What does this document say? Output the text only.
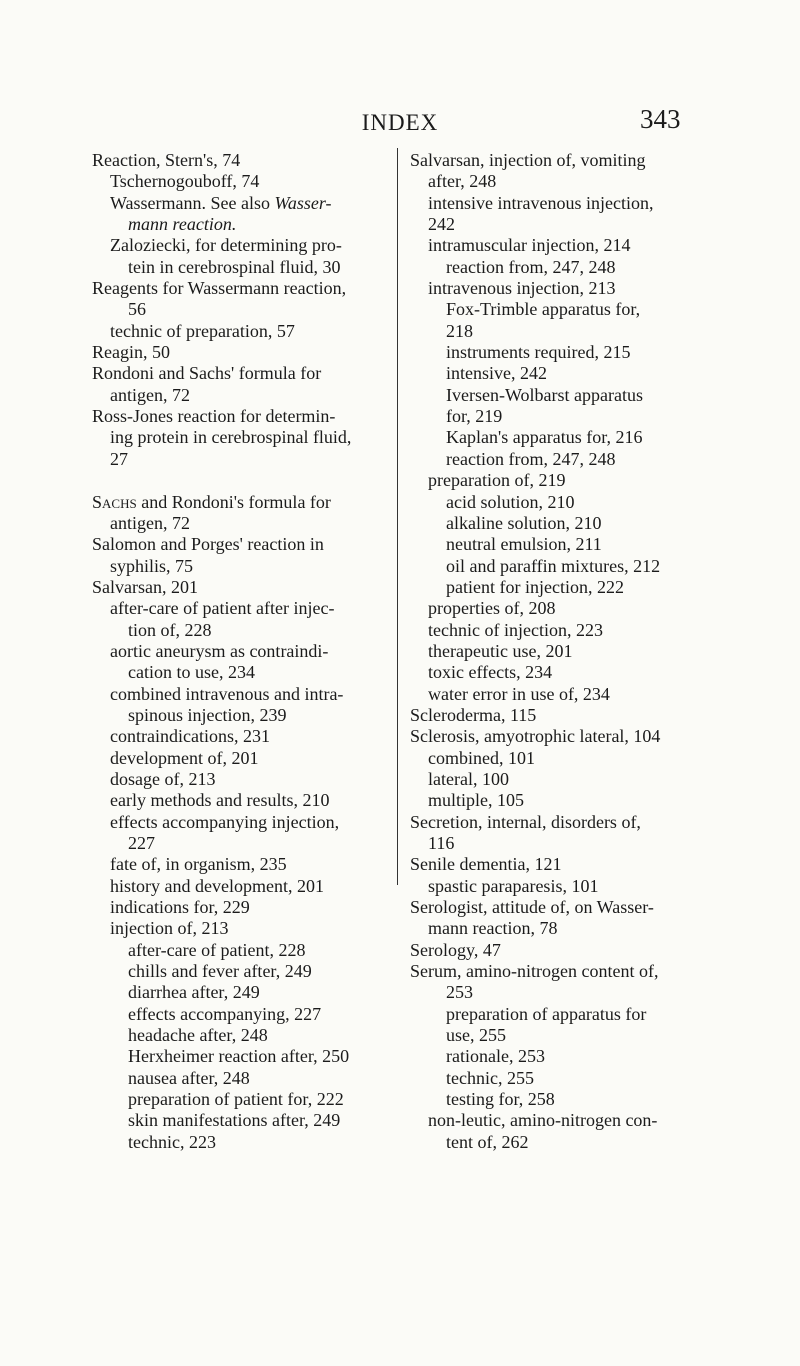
INDEX	343
Reaction, Stern's, 74
Tschernogouboff, 74
Wassermann. See also Wasser-
mann reaction.
Zaloziecki, for determining pro-
tein in cerebrospinal fluid, 30
Reagents for Wassermann reaction,
56
technic of preparation, 57
Reagin, 50
Rondoni and Sachs' formula for
antigen, 72
Ross-Jones reaction for determin-
ing protein in cerebrospinal fluid,
27
Sachs and Rondoni's formula for
antigen, 72
Salomon and Porges' reaction in
syphilis, 75
Salvarsan, 201
after-care of patient after injec-
tion of, 228
aortic aneurysm as contraindi-
cation to use, 234
combined intravenous and intra-
spinous injection, 239
contraindications, 231
development of, 201
dosage of, 213
early methods and results, 210
effects accompanying injection,
227
fate of, in organism, 235
history and development, 201
indications for, 229
injection of, 213
after-care of patient, 228
chills and fever after, 249
diarrhea after, 249
effects accompanying, 227
headache after, 248
Herxheimer reaction after, 250
nausea after, 248
preparation of patient for, 222
skin manifestations after, 249
technic, 223
Salvarsan, injection of, vomiting
after, 248
intensive intravenous injection,
242
intramuscular injection, 214
reaction from, 247, 248
intravenous injection, 213
Fox-Trimble apparatus for,
218
instruments required, 215
intensive, 242
Iversen-Wolbarst apparatus
for, 219
Kaplan's apparatus for, 216
reaction from, 247, 248
preparation of, 219
acid solution, 210
alkaline solution, 210
neutral emulsion, 211
oil and paraffin mixtures, 212
patient for injection, 222
properties of, 208
technic of injection, 223
therapeutic use, 201
toxic effects, 234
water error in use of, 234
Scleroderma, 115
Sclerosis, amyotrophic lateral, 104
combined, 101
lateral, 100
multiple, 105
Secretion, internal, disorders of,
116
Senile dementia, 121
spastic paraparesis, 101
Serologist, attitude of, on Wasser-
mann reaction, 78
Serology, 47
Serum, amino-nitrogen content of,
253
preparation of apparatus for
use, 255
rationale, 253
technic, 255
testing for, 258
non-leutic, amino-nitrogen con-
tent of, 262
